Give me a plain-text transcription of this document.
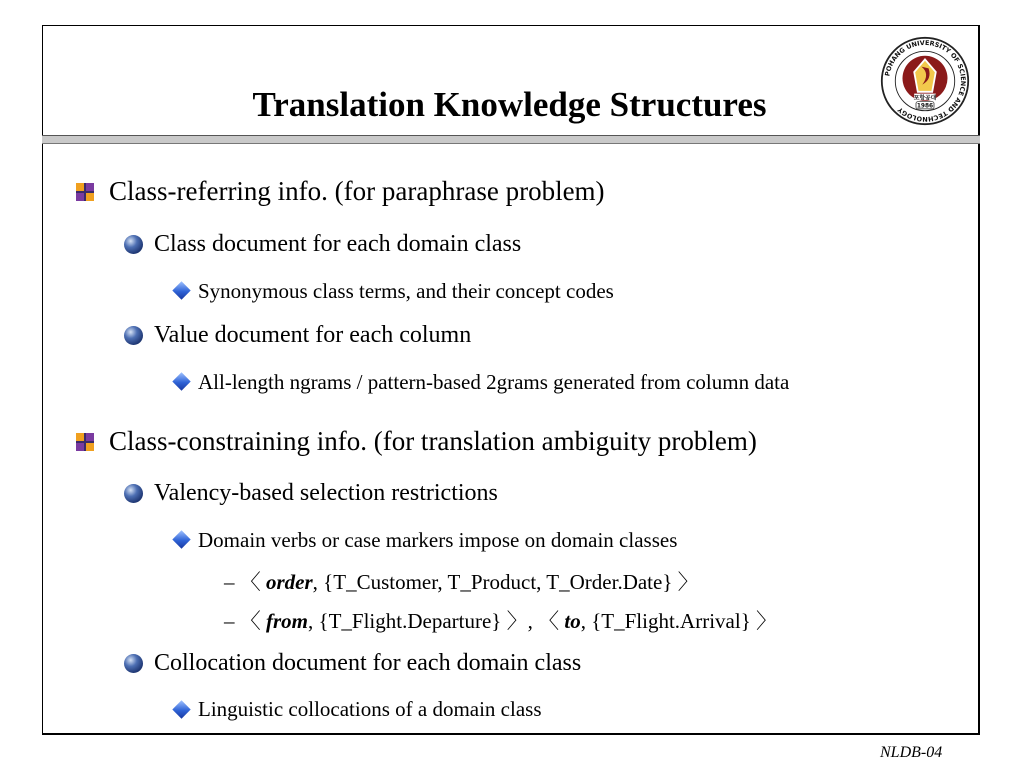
Translation Knowledge Structures
POHANG UNIVERSITY OF SCIENCE AND TECHNOLOGY
포항공대
1986
Class-referring info. (for paraphrase problem)
Class document for each domain class
Synonymous class terms, and their concept codes
Value document for each column
All-length ngrams / pattern-based 2grams generated from column data
Class-constraining info. (for translation ambiguity problem)
Valency-based selection restrictions
Domain verbs or case markers impose on domain classes
– 〈 order, {T_Customer, T_Product, T_Order.Date} 〉
– 〈 from, {T_Flight.Departure} 〉, 〈 to, {T_Flight.Arrival} 〉
Collocation document for each domain class
Linguistic collocations of a domain class
NLDB-04
